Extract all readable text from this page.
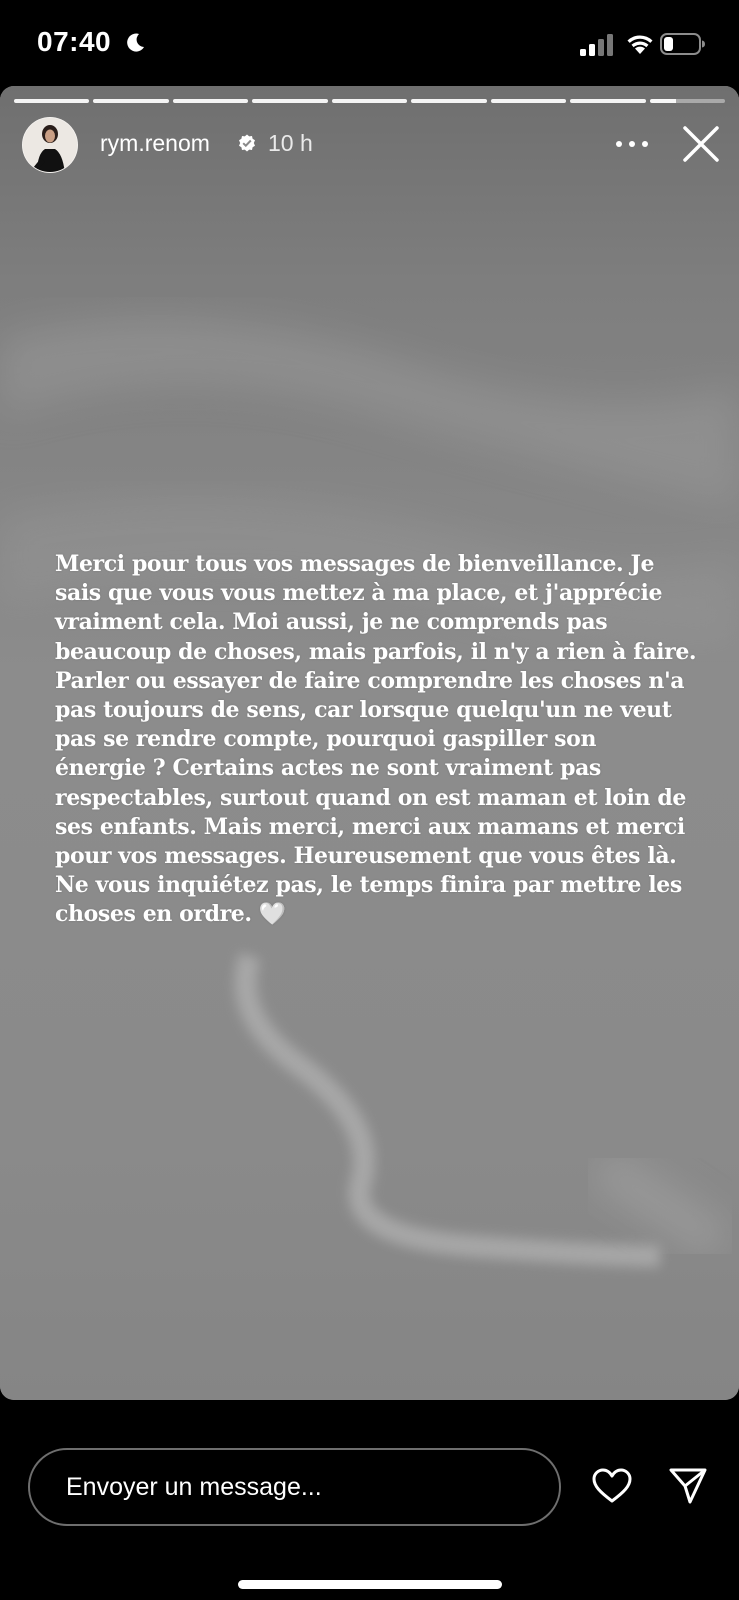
07:40
rym.renom	10 h
Merci pour tous vos messages de bienveillance. Je
sais que vous vous mettez à ma place, et j'apprécie
vraiment cela. Moi aussi, je ne comprends pas
beaucoup de choses, mais parfois, il n'y a rien à faire.
Parler ou essayer de faire comprendre les choses n'a
pas toujours de sens, car lorsque quelqu'un ne veut
pas se rendre compte, pourquoi gaspiller son
énergie ? Certains actes ne sont vraiment pas
respectables, surtout quand on est maman et loin de
ses enfants. Mais merci, merci aux mamans et merci
pour vos messages. Heureusement que vous êtes là.
Ne vous inquiétez pas, le temps finira par mettre les
choses en ordre. 🤍
Envoyer un message...
